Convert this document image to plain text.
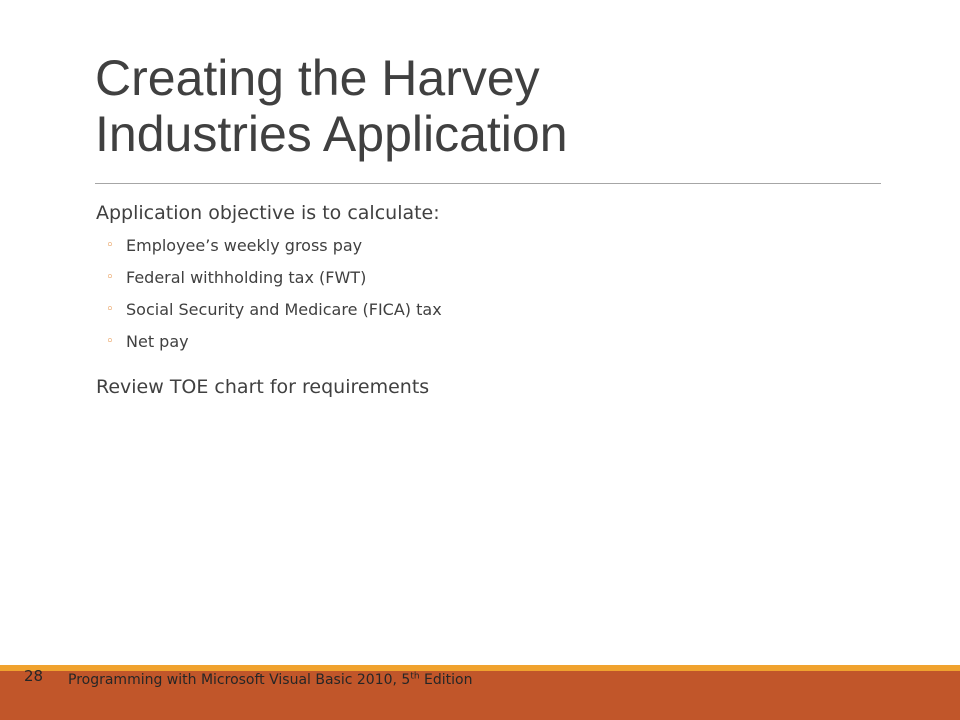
Creating the Harvey
Industries Application

Application objective is to calculate:

◦ Employee’s weekly gross pay
◦ Federal withholding tax (FWT)
◦ Social Security and Medicare (FICA) tax
◦ Net pay

Review TOE chart for requirements

28	Programming with Microsoft Visual Basic 2010, 5th Edition
